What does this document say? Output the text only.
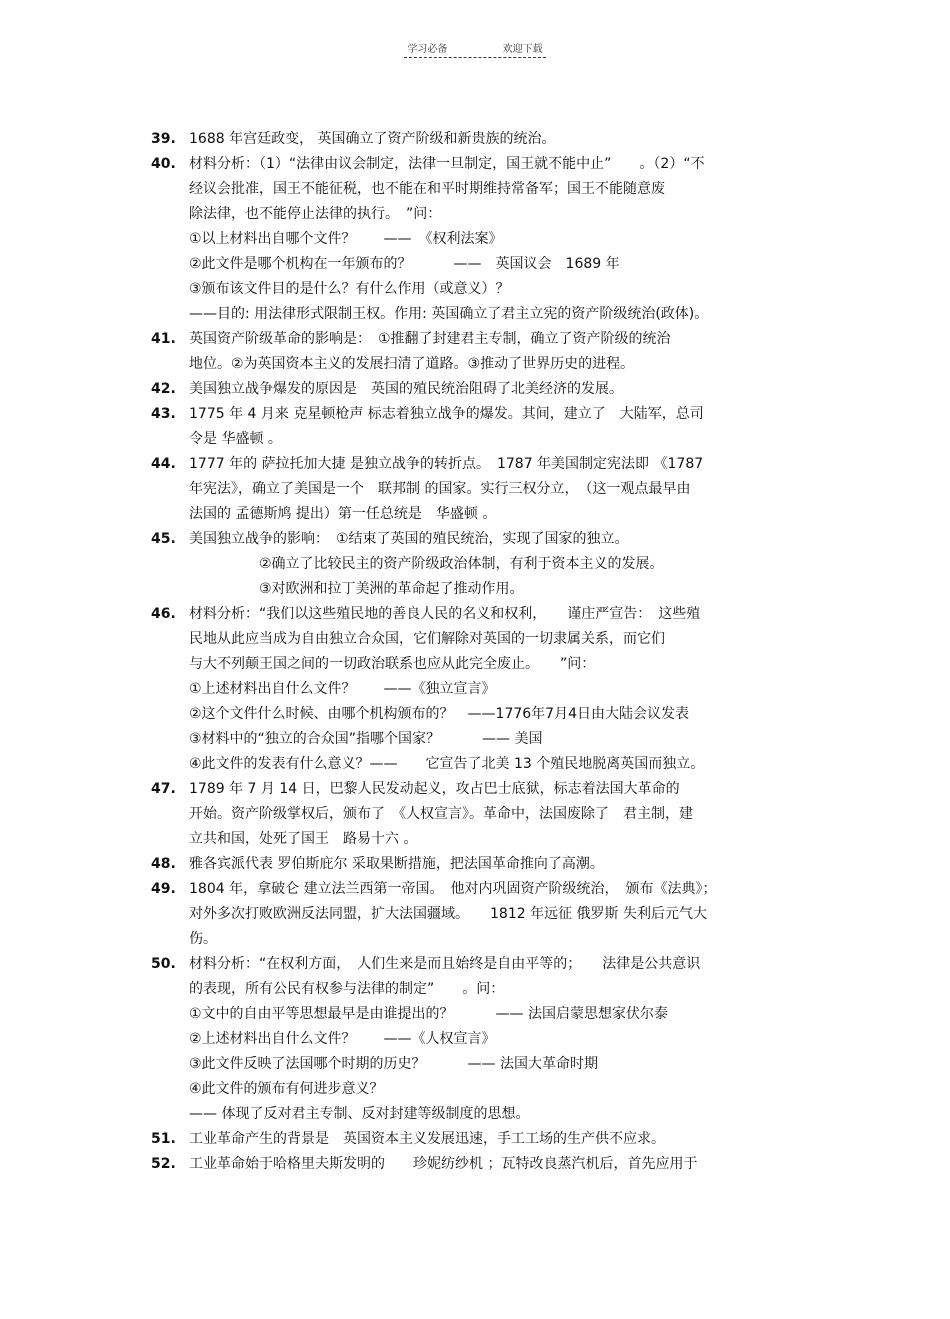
学习必备	欢迎下载
39. 1688 年宫廷政变， 英国确立了资产阶级和新贵族的统治。
40. 材料分析：（1）“法律由议会制定，法律一旦制定，国王就不能中止”　　。（2）“不
经议会批准，国王不能征税，也不能在和平时期维持常备军；国王不能随意废
除法律，也不能停止法律的执行。　”问：
①以上材料出自哪个文件？　　——　《权利法案》
②此文件是哪个机构在一年颁布的？　　　——　英国议会　1689 年
③颁布该文件目的是什么？有什么作用（或意义）？
——目的: 用法律形式限制王权。作用: 英国确立了君主立宪的资产阶级统治(政体)。
41. 英国资产阶级革命的影响是：　①推翻了封建君主专制，确立了资产阶级的统治
地位。②为英国资本主义的发展扫清了道路。③推动了世界历史的进程。
42. 美国独立战争爆发的原因是　英国的殖民统治阻碍了北美经济的发展。
43. 1775 年 4 月来 克星顿枪声 标志着独立战争的爆发。其间，建立了　大陆军，总司
令是 华盛顿 。
44. 1777 年的 萨拉托加大捷 是独立战争的转折点。　1787 年美国制定宪法即 《1787
年宪法》，确立了美国是一个　联邦制 的国家。实行三权分立，　（这一观点最早由
法国的 孟德斯鸠 提出）第一任总统是　华盛顿 。
45. 美国独立战争的影响：　①结束了英国的殖民统治，实现了国家的独立。
②确立了比较民主的资产阶级政治体制，有利于资本主义的发展。
③对欧洲和拉丁美洲的革命起了推动作用。
46. 材料分析：“我们以这些殖民地的善良人民的名义和权利，　　谨庄严宣告：　这些殖
民地从此应当成为自由独立合众国，它们解除对英国的一切隶属关系，而它们
与大不列颠王国之间的一切政治联系也应从此完全废止。　　”问：
①上述材料出自什么文件？　　——《独立宣言》
②这个文件什么时候、由哪个机构颁布的？　——1776年7月4日由大陆会议发表
③材料中的“独立的合众国”指哪个国家？　　　—— 美国
④此文件的发表有什么意义？——　　它宣告了北美 13 个殖民地脱离英国而独立。
47. 1789 年 7 月 14 日，巴黎人民发动起义，攻占巴士底狱，标志着法国大革命的
开始。资产阶级掌权后，颁布了　《人权宣言》。革命中，法国废除了　君主制，建
立共和国，处死了国王　路易十六 。
48. 雅各宾派代表 罗伯斯庇尔 采取果断措施，把法国革命推向了高潮。
49. 1804 年，拿破仑 建立法兰西第一帝国。　他对内巩固资产阶级统治，　颁布《法典》；
对外多次打败欧洲反法同盟，扩大法国疆域。　　1812 年远征 俄罗斯 失利后元气大
伤。
50. 材料分析：“在权利方面，　人们生来是而且始终是自由平等的；　　法律是公共意识
的表现，所有公民有权参与法律的制定”　　。问：
①文中的自由平等思想最早是由谁提出的？　　　—— 法国启蒙思想家伏尔泰
②上述材料出自什么文件？　　——《人权宣言》
③此文件反映了法国哪个时期的历史？　　　—— 法国大革命时期
④此文件的颁布有何进步意义？
—— 体现了反对君主专制、反对封建等级制度的思想。
51. 工业革命产生的背景是　英国资本主义发展迅速，手工工场的生产供不应求。
52. 工业革命始于哈格里夫斯发明的　　珍妮纺纱机 ；瓦特改良蒸汽机后，首先应用于
